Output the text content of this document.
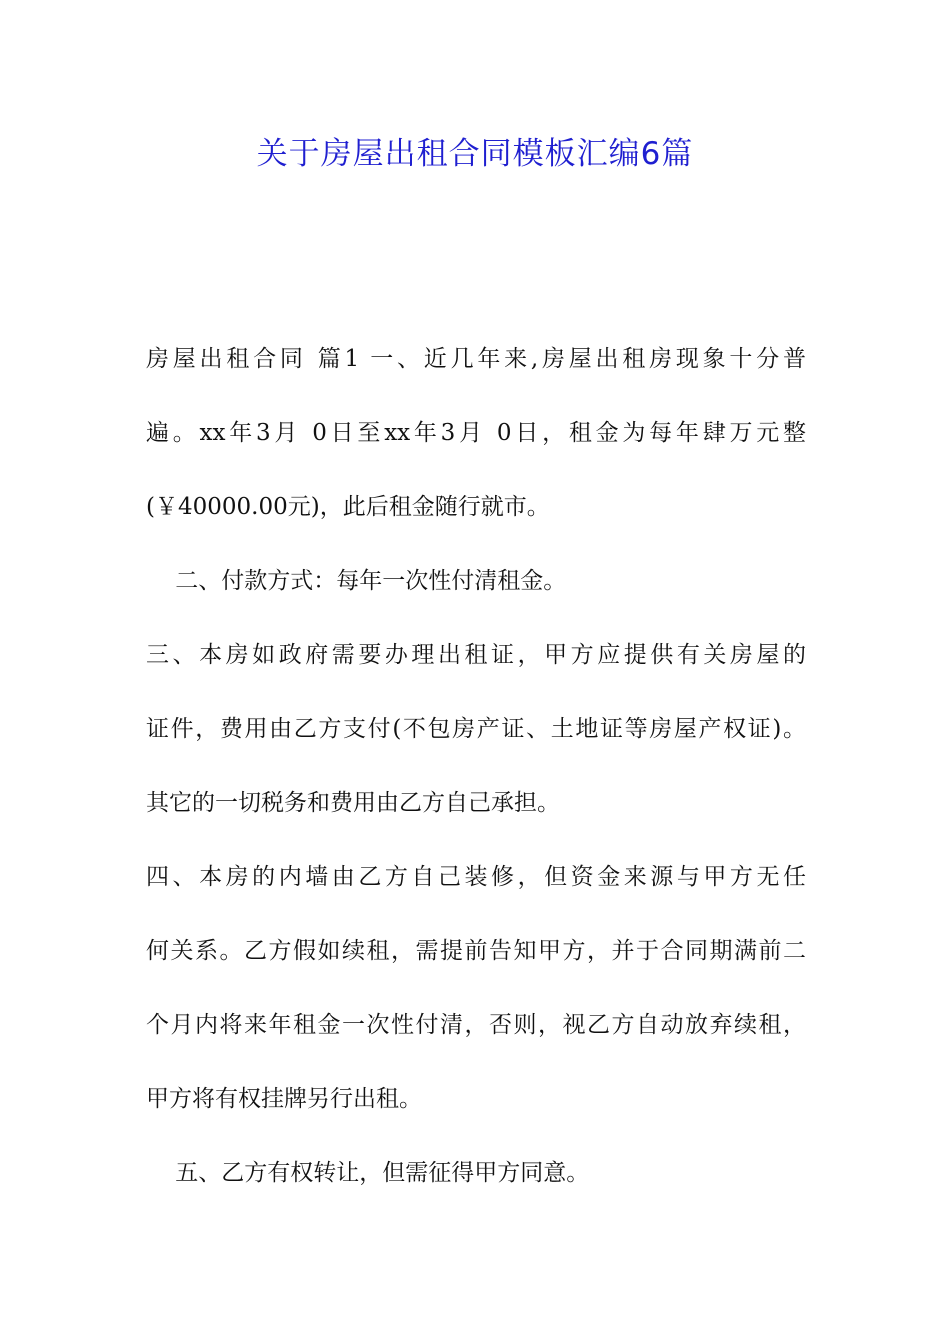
关于房屋出租合同模板汇编6篇
房屋出租合同 篇1 一、近几年来,房屋出租房现象十分普
遍。xx年3月 0日至xx年3月 0日，租金为每年肆万元整
(￥40000.00元)，此后租金随行就市。
二、付款方式：每年一次性付清租金。
三、本房如政府需要办理出租证，甲方应提供有关房屋的
证件，费用由乙方支付(不包房产证、土地证等房屋产权证)。
其它的一切税务和费用由乙方自己承担。
四、本房的内墙由乙方自己装修，但资金来源与甲方无任
何关系。乙方假如续租，需提前告知甲方，并于合同期满前二
个月内将来年租金一次性付清，否则，视乙方自动放弃续租，
甲方将有权挂牌另行出租。
五、乙方有权转让，但需征得甲方同意。
